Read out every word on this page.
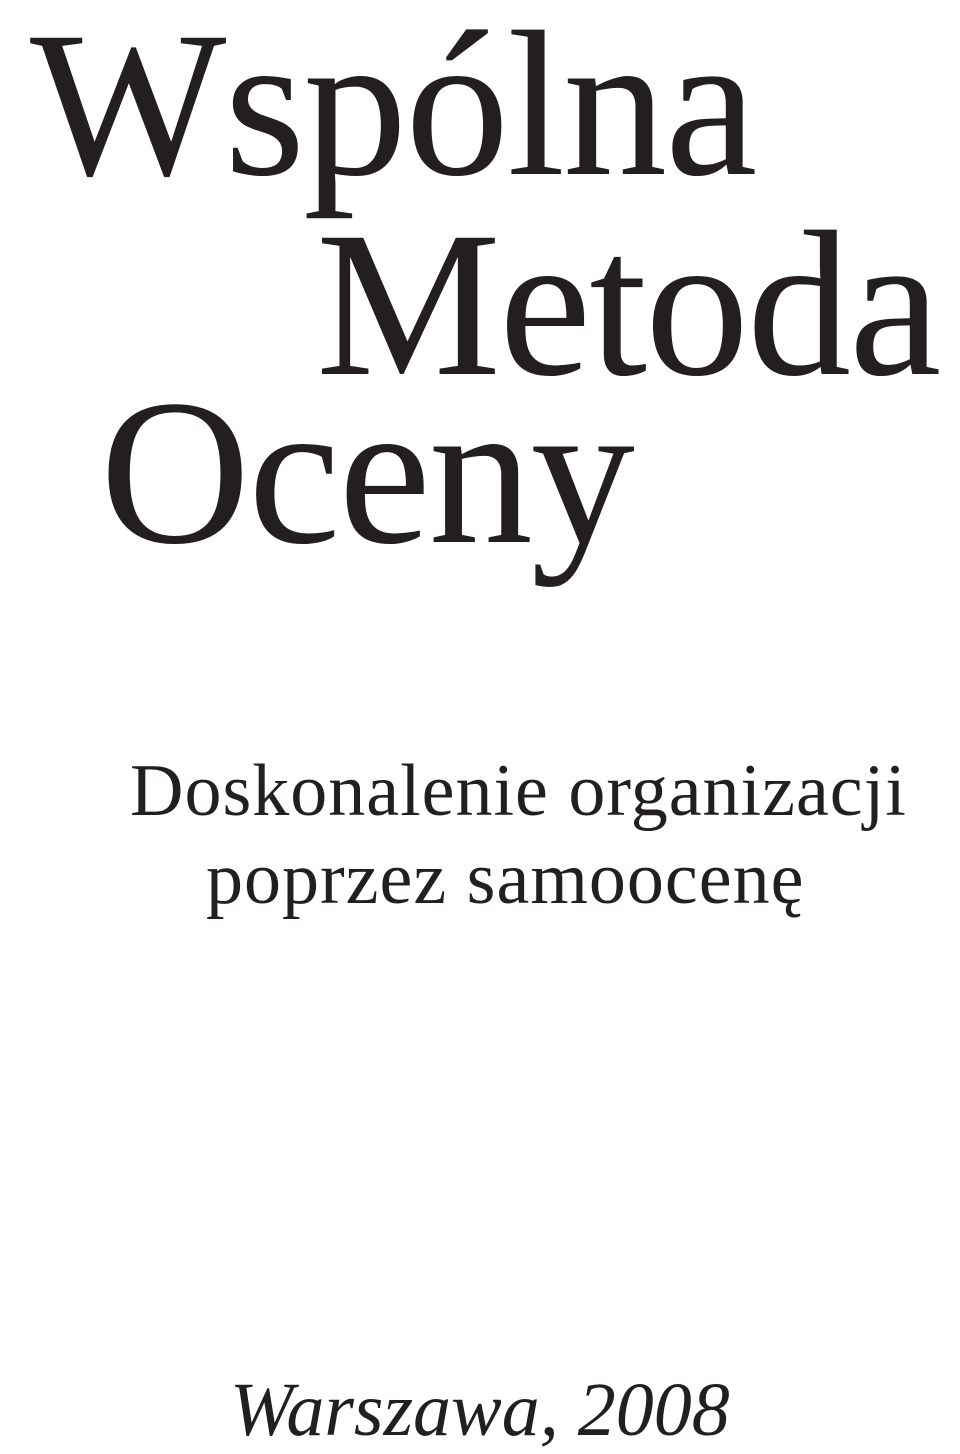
Wspólna
Metoda
Oceny

Doskonalenie organizacji

poprzez samoocenę

Warszawa, 2008
